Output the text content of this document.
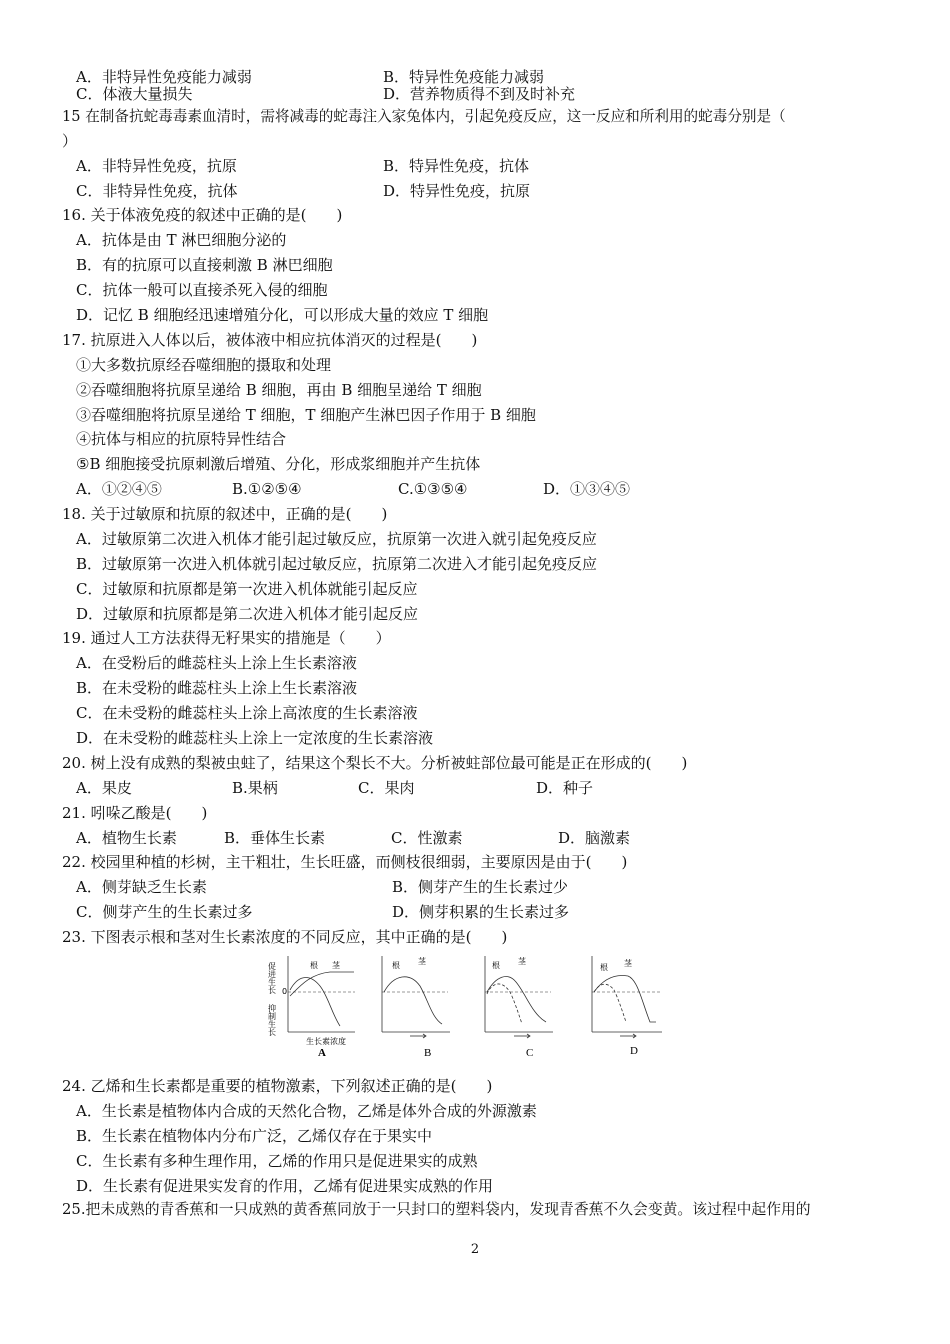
A．非特异性免疫能力减弱	B．特异性免疫能力减弱
C．体液大量损失	D．营养物质得不到及时补充
15 在制备抗蛇毒毒素血清时，需将减毒的蛇毒注入家兔体内，引起免疫反应，这一反应和所利用的蛇毒分别是（
）
A．非特异性免疫，抗原	B．特异性免疫，抗体
C．非特异性免疫，抗体	D．特异性免疫，抗原
16. 关于体液免疫的叙述中正确的是(　　)
A．抗体是由 T 淋巴细胞分泌的
B．有的抗原可以直接刺激 B 淋巴细胞
C．抗体一般可以直接杀死入侵的细胞
D．记忆 B 细胞经迅速增殖分化，可以形成大量的效应 T 细胞
17. 抗原进入人体以后，被体液中相应抗体消灭的过程是(　　)
①大多数抗原经吞噬细胞的摄取和处理
②吞噬细胞将抗原呈递给 B 细胞，再由 B 细胞呈递给 T 细胞
③吞噬细胞将抗原呈递给 T 细胞，T 细胞产生淋巴因子作用于 B 细胞
④抗体与相应的抗原特异性结合
⑤B 细胞接受抗原刺激后增殖、分化，形成浆细胞并产生抗体
A．①②④⑤	B.①②⑤④	C.①③⑤④	D．①③④⑤
18. 关于过敏原和抗原的叙述中，正确的是(　　)
A．过敏原第二次进入机体才能引起过敏反应，抗原第一次进入就引起免疫反应
B．过敏原第一次进入机体就引起过敏反应，抗原第二次进入才能引起免疫反应
C．过敏原和抗原都是第一次进入机体就能引起反应
D．过敏原和抗原都是第二次进入机体才能引起反应
19. 通过人工方法获得无籽果实的措施是（　　）
A．在受粉后的雌蕊柱头上涂上生长素溶液
B．在未受粉的雌蕊柱头上涂上生长素溶液
C．在未受粉的雌蕊柱头上涂上高浓度的生长素溶液
D．在未受粉的雌蕊柱头上涂上一定浓度的生长素溶液
20. 树上没有成熟的梨被虫蛀了，结果这个梨长不大。分析被蛀部位最可能是正在形成的(　　)
A．果皮	B.果柄	C．果肉	D．种子
21. 吲哚乙酸是(　　)
A．植物生长素	B．垂体生长素	C．性激素	D．脑激素
22. 校园里种植的杉树，主干粗壮，生长旺盛，而侧枝很细弱，主要原因是由于(　　)
A．侧芽缺乏生长素	B．侧芽产生的生长素过少
C．侧芽产生的生长素过多	D．侧芽积累的生长素过多
23. 下图表示根和茎对生长素浓度的不同反应，其中正确的是(　　)
促进生长
抑制生长
0
根 茎
生长素浓度
A
根 茎
B
根 茎
C
根 茎
D
24. 乙烯和生长素都是重要的植物激素，下列叙述正确的是(　　)
A．生长素是植物体内合成的天然化合物，乙烯是体外合成的外源激素
B．生长素在植物体内分布广泛，乙烯仅存在于果实中
C．生长素有多种生理作用，乙烯的作用只是促进果实的成熟
D．生长素有促进果实发育的作用，乙烯有促进果实成熟的作用
25.把未成熟的青香蕉和一只成熟的黄香蕉同放于一只封口的塑料袋内，发现青香蕉不久会变黄。该过程中起作用的
2
